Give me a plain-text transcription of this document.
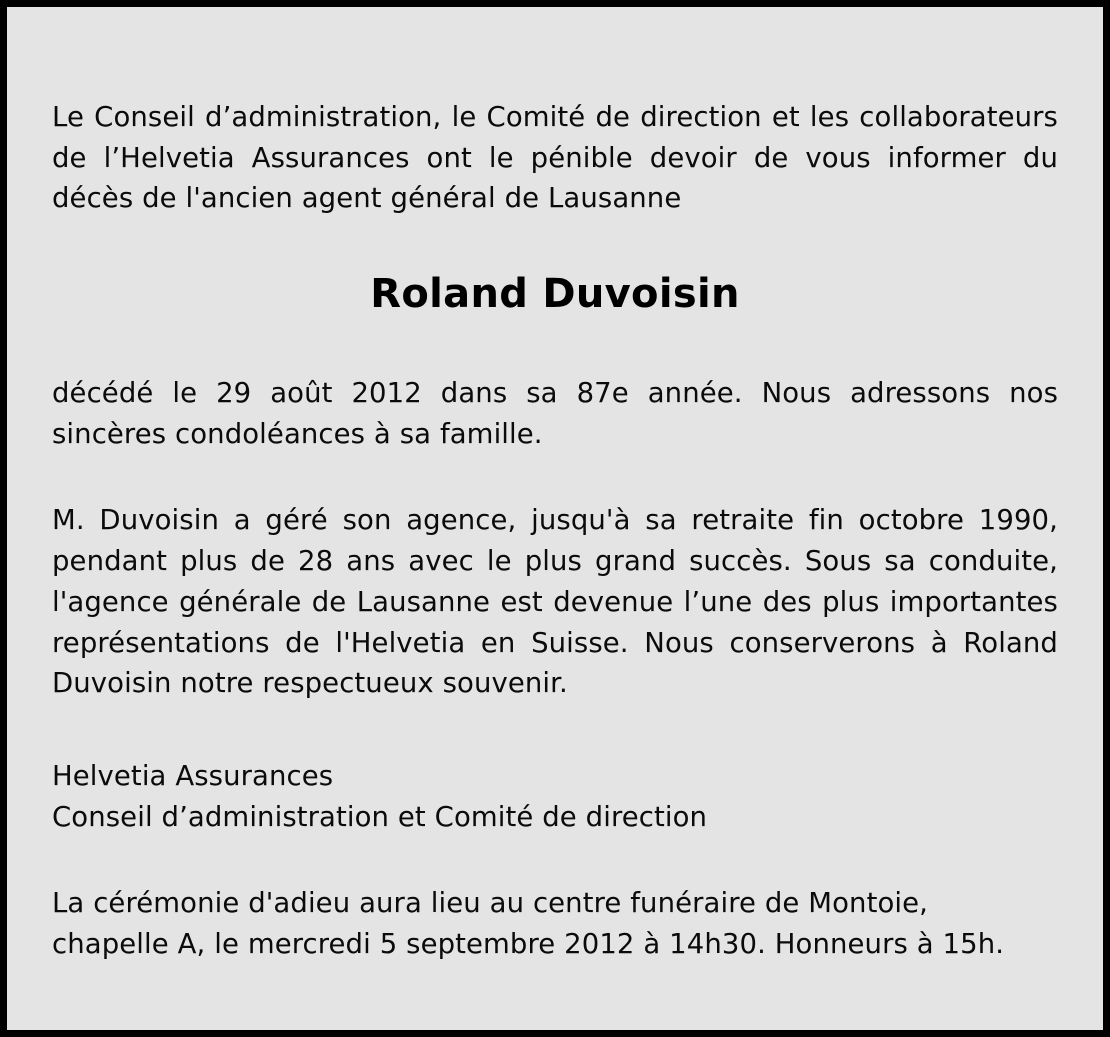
Le Conseil d’administration, le Comité de direction et les collaborateurs de l’Helvetia Assurances ont le pénible devoir de vous informer du décès de l'ancien agent général de Lausanne

Roland Duvoisin

décédé le 29 août 2012 dans sa 87e année. Nous adressons nos sincères condoléances à sa famille.

M. Duvoisin a géré son agence, jusqu'à sa retraite fin octobre 1990, pendant plus de 28 ans avec le plus grand succès. Sous sa conduite, l'agence générale de Lausanne est devenue l’une des plus importantes représentations de l'Helvetia en Suisse. Nous conserverons à Roland Duvoisin notre respectueux souvenir.

Helvetia Assurances

Conseil d’administration et Comité de direction

La cérémonie d'adieu aura lieu au centre funéraire de Montoie,

chapelle A, le mercredi 5 septembre 2012 à 14h30. Honneurs à 15h.
